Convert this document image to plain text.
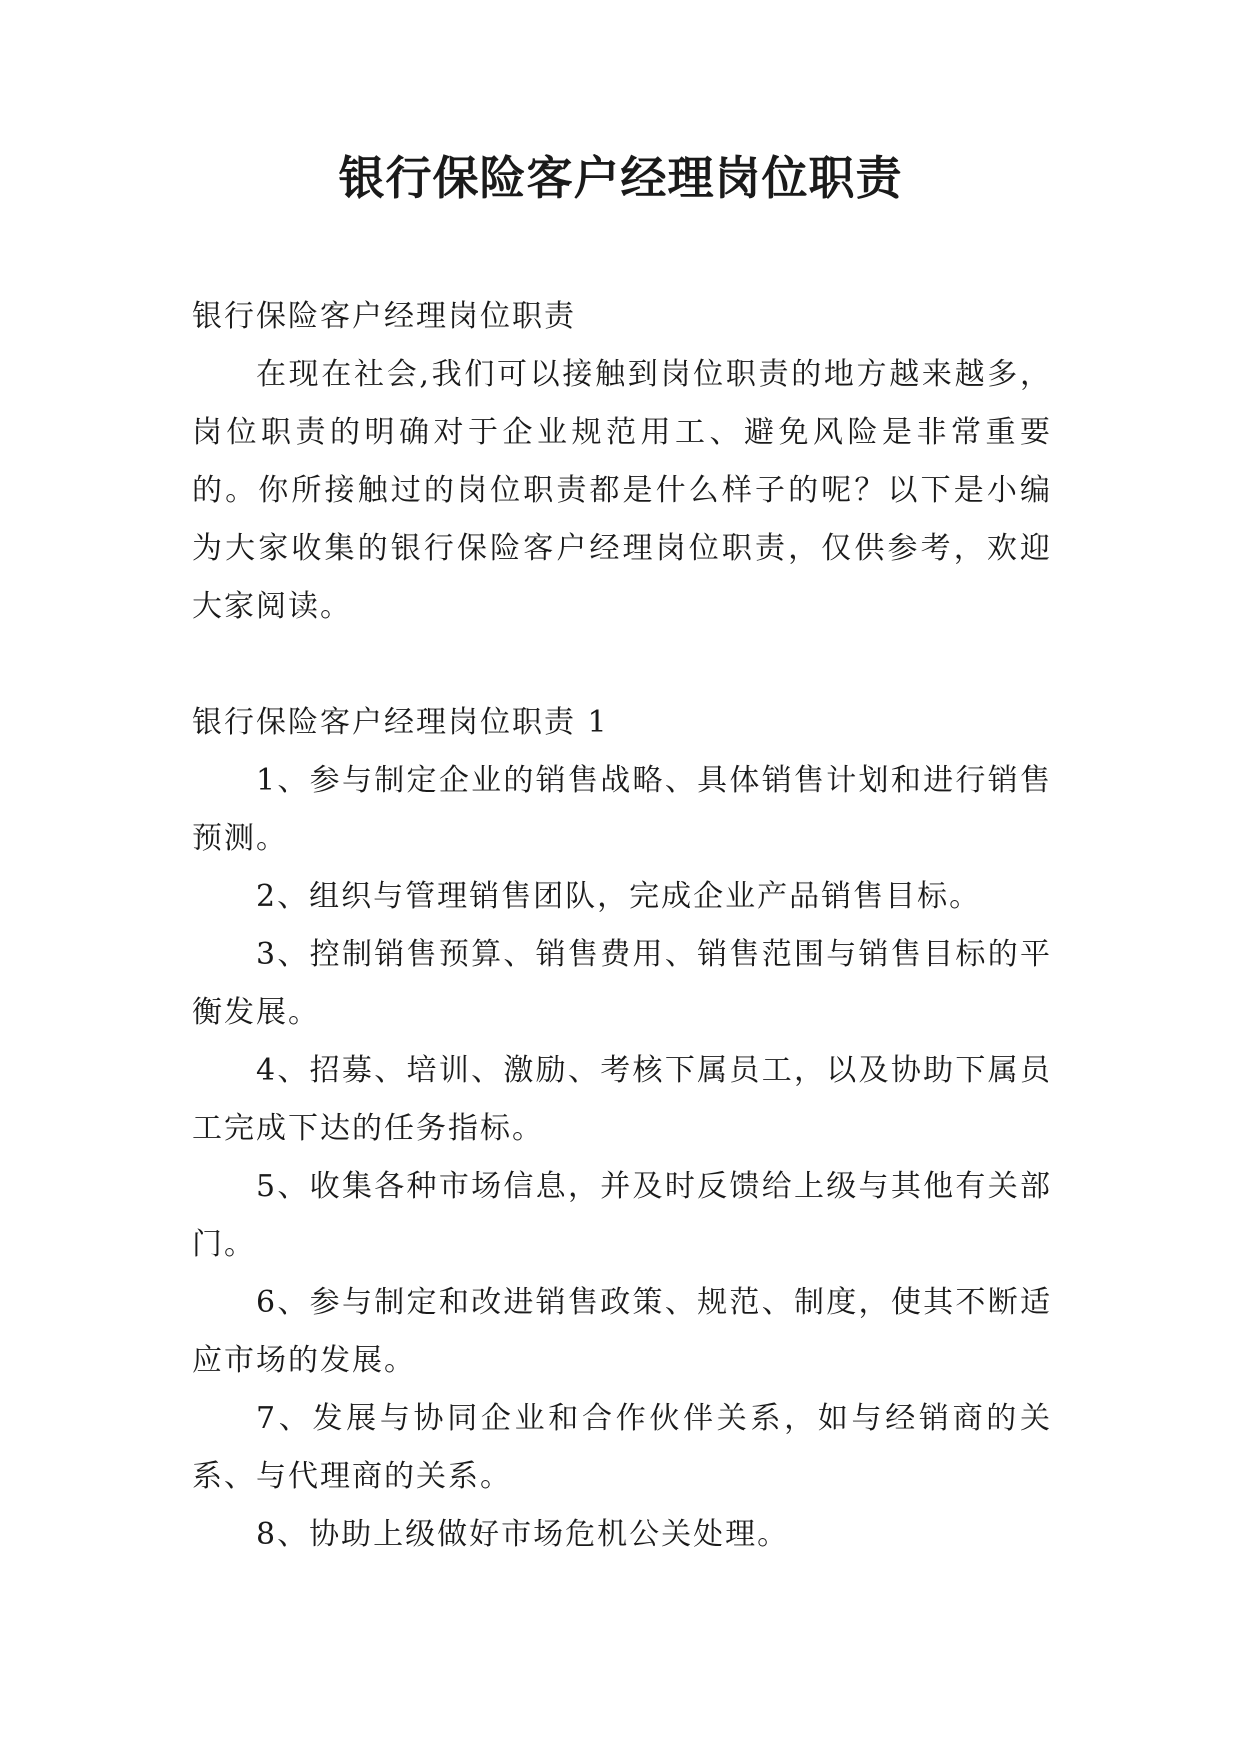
银行保险客户经理岗位职责

银行保险客户经理岗位职责

在现在社会,我们可以接触到岗位职责的地方越来越多，岗位职责的明确对于企业规范用工、避免风险是非常重要的。你所接触过的岗位职责都是什么样子的呢？以下是小编为大家收集的银行保险客户经理岗位职责，仅供参考，欢迎大家阅读。

银行保险客户经理岗位职责 1

1、参与制定企业的销售战略、具体销售计划和进行销售预测。

2、组织与管理销售团队，完成企业产品销售目标。

3、控制销售预算、销售费用、销售范围与销售目标的平衡发展。

4、招募、培训、激励、考核下属员工，以及协助下属员工完成下达的任务指标。

5、收集各种市场信息，并及时反馈给上级与其他有关部门。

6、参与制定和改进销售政策、规范、制度，使其不断适应市场的发展。

7、发展与协同企业和合作伙伴关系，如与经销商的关系、与代理商的关系。

8、协助上级做好市场危机公关处理。
